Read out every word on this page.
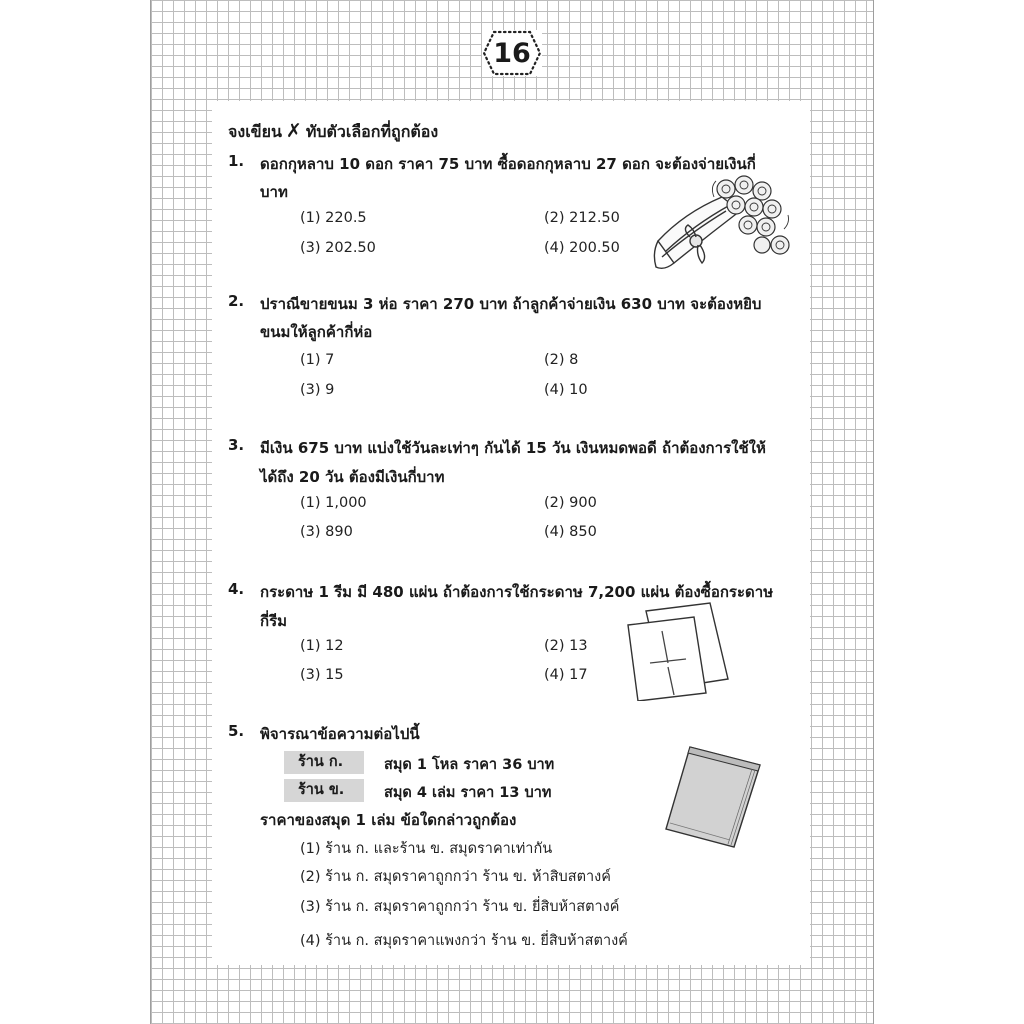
16
จงเขียน ✗ ทับตัวเลือกที่ถูกต้อง
1. ดอกกุหลาบ 10 ดอก ราคา 75 บาท ซื้อดอกกุหลาบ 27 ดอก จะต้องจ่ายเงินกี่
บาท
(1) 220.5	(2) 212.50
(3) 202.50	(4) 200.50
2. ปราณีขายขนม 3 ห่อ ราคา 270 บาท ถ้าลูกค้าจ่ายเงิน 630 บาท จะต้องหยิบ
ขนมให้ลูกค้ากี่ห่อ
(1) 7	(2) 8
(3) 9	(4) 10
3. มีเงิน 675 บาท แบ่งใช้วันละเท่าๆ กันได้ 15 วัน เงินหมดพอดี ถ้าต้องการใช้ให้
ได้ถึง 20 วัน ต้องมีเงินกี่บาท
(1) 1,000	(2) 900
(3) 890	(4) 850
4. กระดาษ 1 รีม มี 480 แผ่น ถ้าต้องการใช้กระดาษ 7,200 แผ่น ต้องซื้อกระดาษ
กี่รีม
(1) 12	(2) 13
(3) 15	(4) 17
5. พิจารณาข้อความต่อไปนี้
ร้าน ก.	สมุด 1 โหล ราคา 36 บาท
ร้าน ข.	สมุด 4 เล่ม ราคา 13 บาท
ราคาของสมุด 1 เล่ม ข้อใดกล่าวถูกต้อง
(1) ร้าน ก. และร้าน ข. สมุดราคาเท่ากัน
(2) ร้าน ก. สมุดราคาถูกกว่า ร้าน ข. ห้าสิบสตางค์
(3) ร้าน ก. สมุดราคาถูกกว่า ร้าน ข. ยี่สิบห้าสตางค์
(4) ร้าน ก. สมุดราคาแพงกว่า ร้าน ข. ยี่สิบห้าสตางค์
